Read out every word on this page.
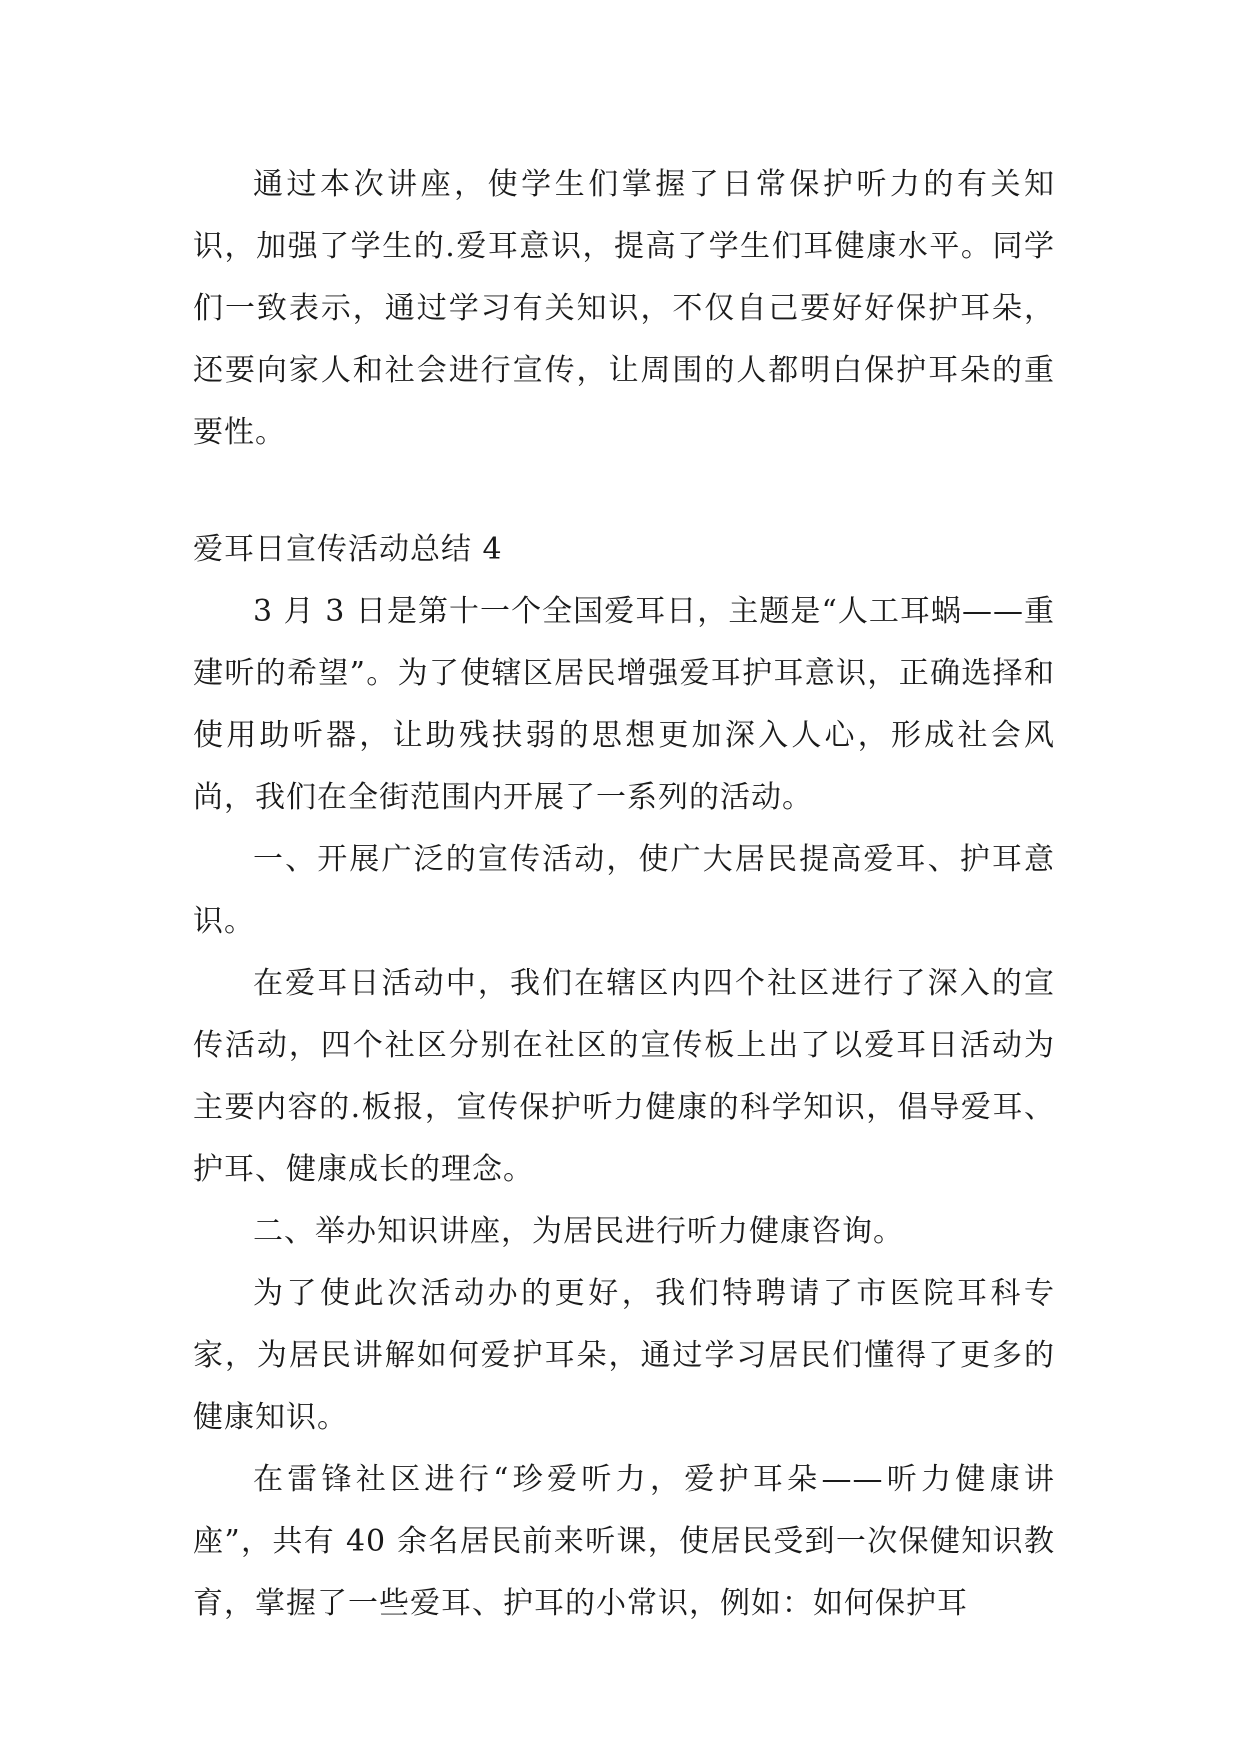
通过本次讲座，使学生们掌握了日常保护听力的有关知识，加强了学生的.爱耳意识，提高了学生们耳健康水平。同学们一致表示，通过学习有关知识，不仅自己要好好保护耳朵，还要向家人和社会进行宣传，让周围的人都明白保护耳朵的重要性。

爱耳日宣传活动总结 4

3 月 3 日是第十一个全国爱耳日，主题是“人工耳蜗——重建听的希望”。为了使辖区居民增强爱耳护耳意识，正确选择和使用助听器，让助残扶弱的思想更加深入人心，形成社会风尚，我们在全街范围内开展了一系列的活动。

一、开展广泛的宣传活动，使广大居民提高爱耳、护耳意识。

在爱耳日活动中，我们在辖区内四个社区进行了深入的宣传活动，四个社区分别在社区的宣传板上出了以爱耳日活动为主要内容的.板报，宣传保护听力健康的科学知识，倡导爱耳、护耳、健康成长的理念。

二、举办知识讲座，为居民进行听力健康咨询。

为了使此次活动办的更好，我们特聘请了市医院耳科专家，为居民讲解如何爱护耳朵，通过学习居民们懂得了更多的健康知识。

在雷锋社区进行“珍爱听力，爱护耳朵——听力健康讲座”，共有 40 余名居民前来听课，使居民受到一次保健知识教育，掌握了一些爱耳、护耳的小常识，例如：如何保护耳
